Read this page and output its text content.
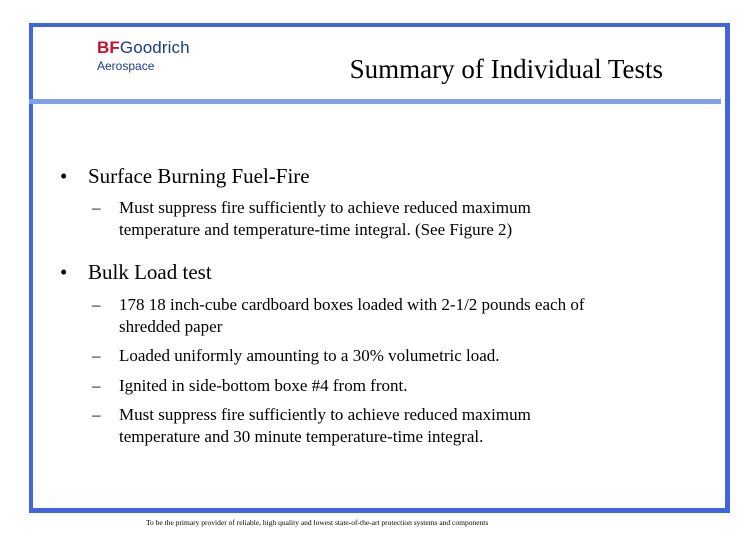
BFGoodrich
Aerospace	Summary of Individual Tests
• Surface Burning Fuel-Fire
– Must suppress fire sufficiently to achieve reduced maximum
temperature and temperature-time integral. (See Figure 2)
• Bulk Load test
– 178 18 inch-cube cardboard boxes loaded with 2-1/2 pounds each of
shredded paper
– Loaded uniformly amounting to a 30% volumetric load.
– Ignited in side-bottom boxe #4 from front.
– Must suppress fire sufficiently to achieve reduced maximum
temperature and 30 minute temperature-time integral.
To be the primary provider of reliable, high quality and lowest state-of-the-art protection systems and components
